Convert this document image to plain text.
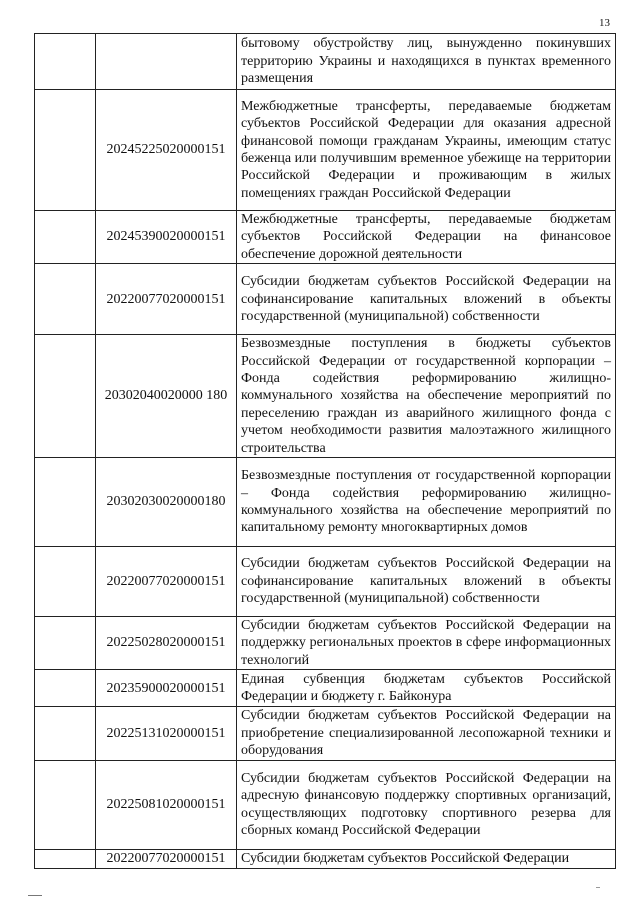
13
		бытовому обустройству лиц, вынужденно покинувших территорию Украины и находящихся в пунктах временного размещения
	20245225020000151	Межбюджетные трансферты, передаваемые бюджетам субъектов Российской Федерации для оказания адресной финансовой помощи гражданам Украины, имеющим статус беженца или получившим временное убежище на территории Российской Федерации и проживающим в жилых помещениях граждан Российской Федерации
	20245390020000151	Межбюджетные трансферты, передаваемые бюджетам субъектов Российской Федерации на финансовое обеспечение дорожной деятельности
	20220077020000151	Субсидии бюджетам субъектов Российской Федерации на софинансирование капитальных вложений в объекты государственной (муниципальной) собственности
	20302040020000 180	Безвозмездные поступления в бюджеты субъектов Российской Федерации от государственной корпорации – Фонда содействия реформированию жилищно-коммунального хозяйства на обеспечение мероприятий по переселению граждан из аварийного жилищного фонда с учетом необходимости развития малоэтажного жилищного строительства
	20302030020000180	Безвозмездные поступления от государственной корпорации – Фонда содействия реформированию жилищно-коммунального хозяйства на обеспечение мероприятий по капитальному ремонту многоквартирных домов
	20220077020000151	Субсидии бюджетам субъектов Российской Федерации на софинансирование капитальных вложений в объекты государственной (муниципальной) собственности
	20225028020000151	Субсидии бюджетам субъектов Российской Федерации на поддержку региональных проектов в сфере информационных технологий
	20235900020000151	Единая субвенция бюджетам субъектов Российской Федерации и бюджету г. Байконура
	20225131020000151	Субсидии бюджетам субъектов Российской Федерации на приобретение специализированной лесопожарной техники и оборудования
	20225081020000151	Субсидии бюджетам субъектов Российской Федерации на адресную финансовую поддержку спортивных организаций, осуществляющих подготовку спортивного резерва для сборных команд Российской Федерации
	20220077020000151	Субсидии бюджетам субъектов Российской Федерации
